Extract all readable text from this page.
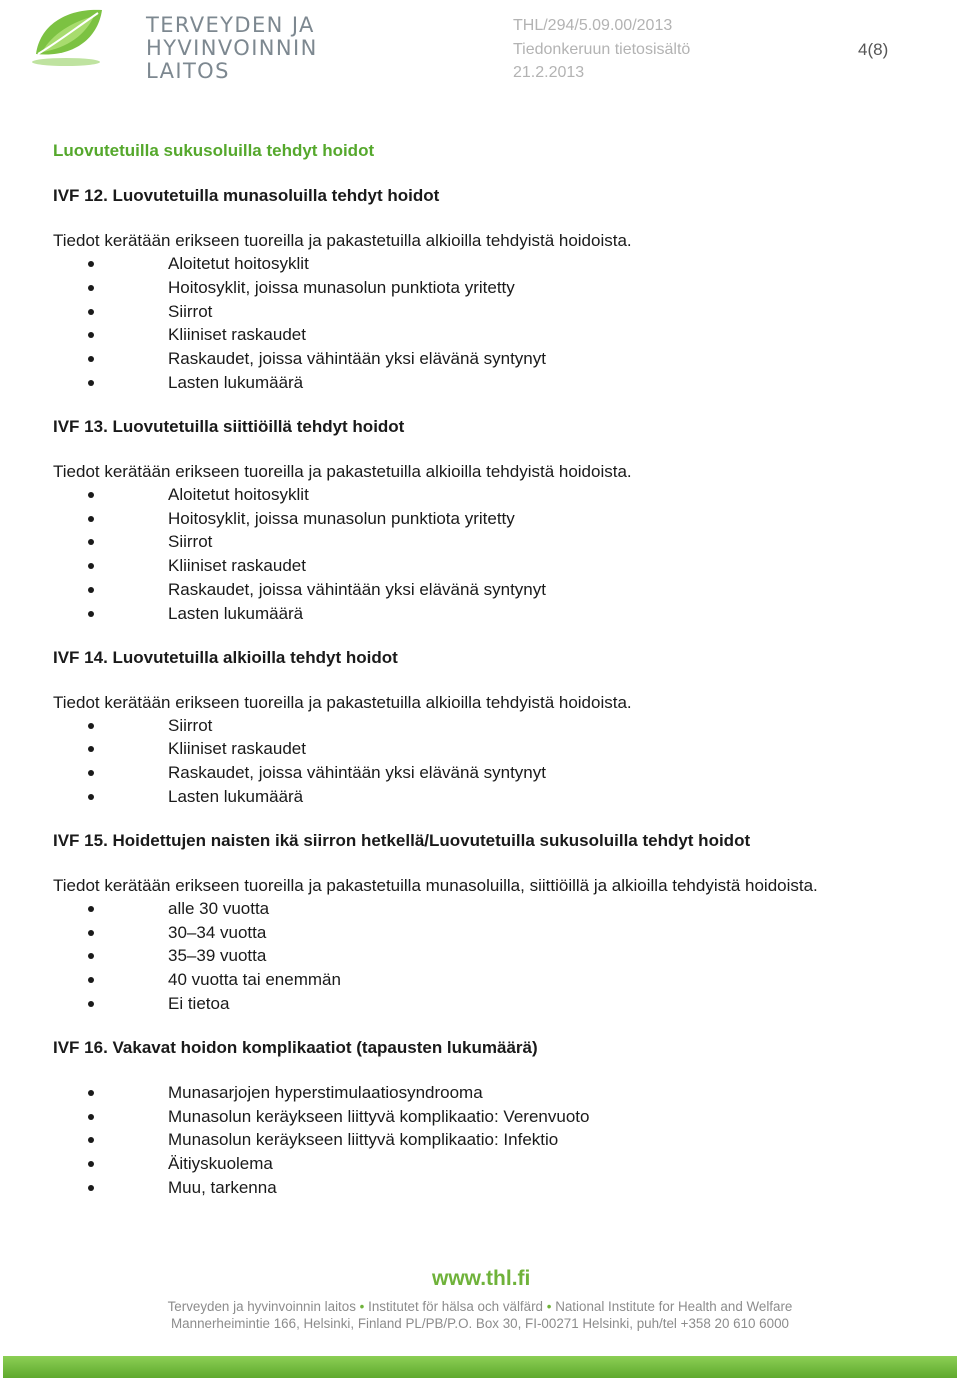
TERVEYDEN JA
HYVINVOINNIN LAITOS
THL/294/5.09.00/2013
Tiedonkeruun tietosisältö
21.2.2013
4(8)

Luovutetuilla sukusoluilla tehdyt hoidot

IVF 12. Luovutetuilla munasoluilla tehdyt hoidot

Tiedot kerätään erikseen tuoreilla ja pakastetuilla alkioilla tehdyistä hoidoista.

Aloitetut hoitosyklit
Hoitosyklit, joissa munasolun punktiota yritetty
Siirrot
Kliiniset raskaudet
Raskaudet, joissa vähintään yksi elävänä syntynyt
Lasten lukumäärä

IVF 13. Luovutetuilla siittiöillä tehdyt hoidot

Tiedot kerätään erikseen tuoreilla ja pakastetuilla alkioilla tehdyistä hoidoista.

Aloitetut hoitosyklit
Hoitosyklit, joissa munasolun punktiota yritetty
Siirrot
Kliiniset raskaudet
Raskaudet, joissa vähintään yksi elävänä syntynyt
Lasten lukumäärä

IVF 14. Luovutetuilla alkioilla tehdyt hoidot

Tiedot kerätään erikseen tuoreilla ja pakastetuilla alkioilla tehdyistä hoidoista.

Siirrot
Kliiniset raskaudet
Raskaudet, joissa vähintään yksi elävänä syntynyt
Lasten lukumäärä

IVF 15. Hoidettujen naisten ikä siirron hetkellä/Luovutetuilla sukusoluilla tehdyt hoidot

Tiedot kerätään erikseen tuoreilla ja pakastetuilla munasoluilla, siittiöillä ja alkioilla tehdyistä hoidoista.

alle 30 vuotta
30–34 vuotta
35–39 vuotta
40 vuotta tai enemmän
Ei tietoa

IVF 16. Vakavat hoidon komplikaatiot (tapausten lukumäärä)

Munasarjojen hyperstimulaatiosyndrooma
Munasolun keräykseen liittyvä komplikaatio: Verenvuoto
Munasolun keräykseen liittyvä komplikaatio: Infektio
Äitiyskuolema
Muu, tarkenna
www.thl.fi
Terveyden ja hyvinvoinnin laitos • Institutet för hälsa och välfärd • National Institute for Health and Welfare
Mannerheimintie 166, Helsinki, Finland PL/PB/P.O. Box 30, FI-00271 Helsinki, puh/tel +358 20 610 6000
